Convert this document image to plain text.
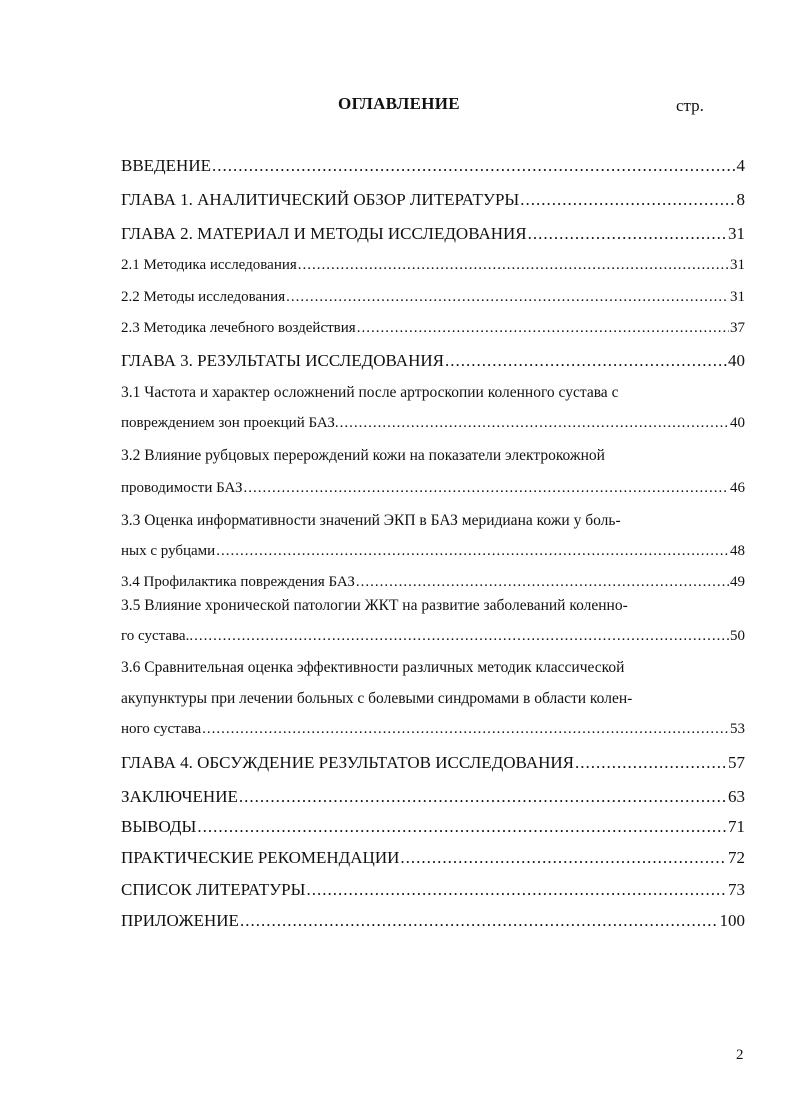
ОГЛАВЛЕНИЕ	стр.
ВВЕДЕНИЕ .....	4
ГЛАВА 1. АНАЛИТИЧЕСКИЙ ОБЗОР ЛИТЕРАТУРЫ .....	8
ГЛАВА 2. МАТЕРИАЛ И МЕТОДЫ ИССЛЕДОВАНИЯ .....	31
2.1 Методика исследования .....	31
2.2 Методы исследования .....	31
2.3 Методика лечебного воздействия .....	37
ГЛАВА 3. РЕЗУЛЬТАТЫ ИССЛЕДОВАНИЯ .....	40
3.1 Частота и характер осложнений после артроскопии коленного сустава с
повреждением зон проекций БАЗ. .....	40
3.2 Влияние рубцовых перерождений кожи на показатели электрокожной
проводимости БАЗ .....	46
3.3 Оценка информативности значений ЭКП в БАЗ меридиана кожи у боль-
ных с рубцами .....	48
3.4 Профилактика повреждения БАЗ .....	49
3.5 Влияние хронической патологии ЖКТ на развитие заболеваний коленно-
го сустава.. .....	50
3.6 Сравнительная оценка эффективности различных методик классической
акупунктуры при лечении больных с болевыми синдромами в области колен-
ного сустава .....	53
ГЛАВА 4. ОБСУЖДЕНИЕ РЕЗУЛЬТАТОВ ИССЛЕДОВАНИЯ .....	57
ЗАКЛЮЧЕНИЕ .....	63
ВЫВОДЫ .....	71
ПРАКТИЧЕСКИЕ РЕКОМЕНДАЦИИ .....	72
СПИСОК ЛИТЕРАТУРЫ .....	73
ПРИЛОЖЕНИЕ .....	100
2
